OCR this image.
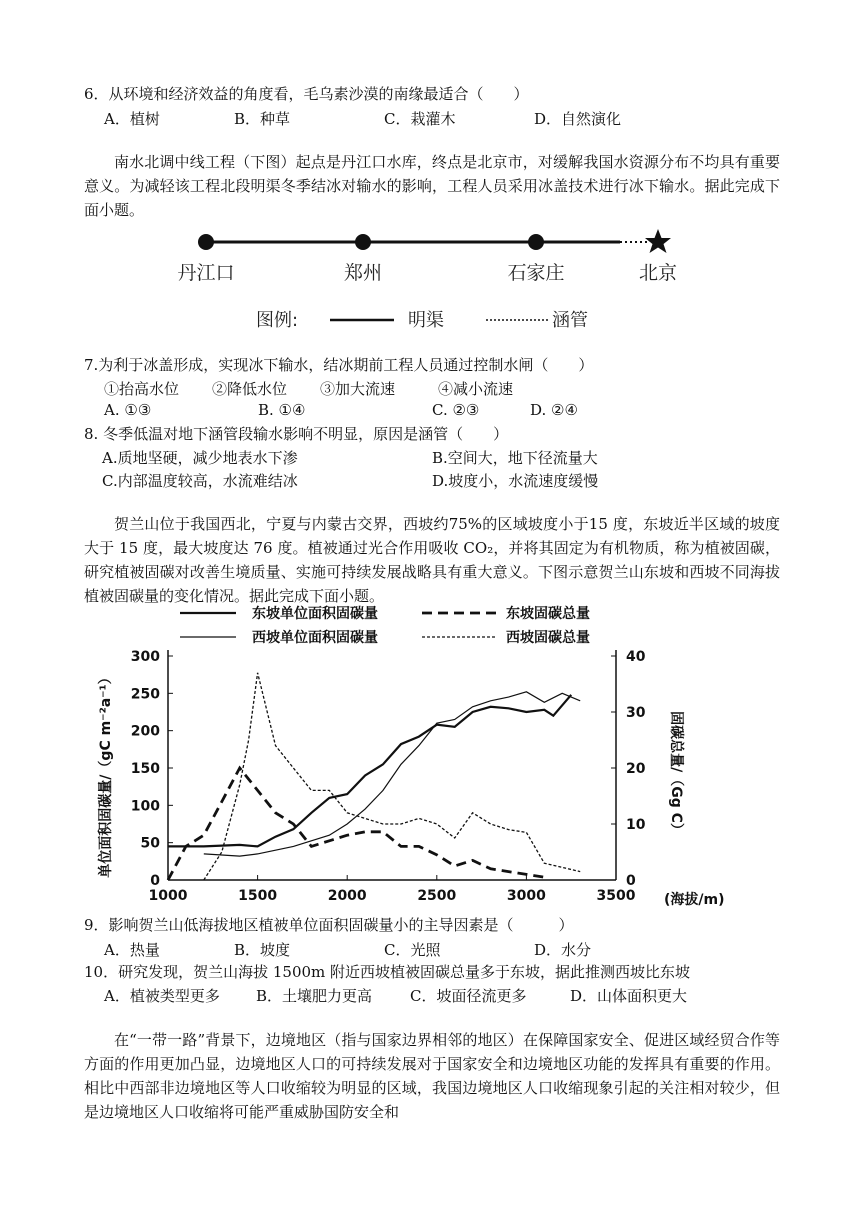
6．从环境和经济效益的角度看，毛乌素沙漠的南缘最适合（　　）
A．植树	B．种草	C．栽灌木	D．自然演化
南水北调中线工程（下图）起点是丹江口水库，终点是北京市，对缓解我国水资源分布不均具有重要意义。为减轻该工程北段明渠冬季结冰对输水的影响，工程人员采用冰盖技术进行冰下输水。据此完成下面小题。
丹江口	郑州	石家庄	北京
图例:	明渠	涵管
7.为利于冰盖形成，实现冰下输水，结冰期前工程人员通过控制水闸（　　）
①抬高水位 ②降低水位 ③加大流速	④减小流速
A. ①③	B. ①④	C. ②③	D. ②④
8. 冬季低温对地下涵管段输水影响不明显，原因是涵管（　　）
A.质地坚硬，减少地表水下渗	B.空间大，地下径流量大
C.内部温度较高，水流难结冰	D.坡度小，水流速度缓慢
贺兰山位于我国西北，宁夏与内蒙古交界，西坡约75%的区域坡度小于15 度，东坡近半区域的坡度大于 15 度，最大坡度达 76 度。植被通过光合作用吸收 CO₂，并将其固定为有机物质，称为植被固碳，研究植被固碳对改善生境质量、实施可持续发展战略具有重大意义。下图示意贺兰山东坡和西坡不同海拔植被固碳量的变化情况。据此完成下面小题。
东坡单位面积固碳量	东坡固碳总量
西坡单位面积固碳量	西坡固碳总量
1000	1500	2000	2500	3000	3500
0
50
100
150
200
250
300
0
10
20
30
40
单位面积固碳量/（gC m⁻²a⁻¹）	固碳总量/（Gg C）
(海拔/m)
9．影响贺兰山低海拔地区植被单位面积固碳量小的主导因素是（　　　）
A．热量	B．坡度	C．光照	D．水分
10．研究发现，贺兰山海拔 1500m 附近西坡植被固碳总量多于东坡，据此推测西坡比东坡
A．植被类型更多 B．土壤肥力更高	C．坡面径流更多	D．山体面积更大
在“一带一路”背景下，边境地区（指与国家边界相邻的地区）在保障国家安全、促进区域经贸合作等方面的作用更加凸显，边境地区人口的可持续发展对于国家安全和边境地区功能的发挥具有重要的作用。相比中西部非边境地区等人口收缩较为明显的区域，我国边境地区人口收缩现象引起的关注相对较少，但是边境地区人口收缩将可能严重威胁国防安全和
